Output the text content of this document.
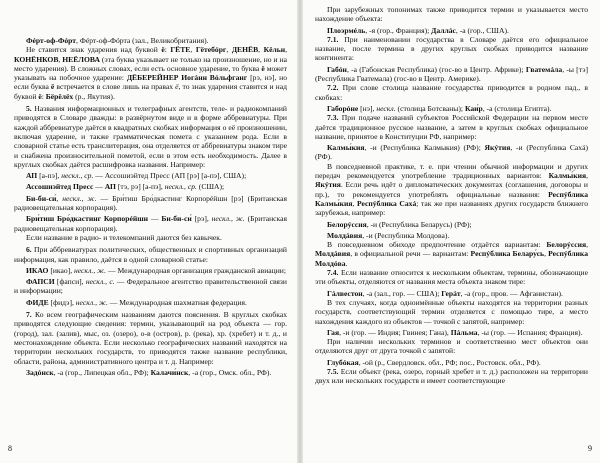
Фéрт-оф-Фóрт, Фéрт-оф-Фóрта (зал., Великобритания).

Не ставится знак ударения над буквой ё: ГЁТЕ, Гётебóрг, ДЕНЁВ, Кёльн, КОНЁНКОВ, НЕЁЛОВА (эта буква указывает не только на произношение, но и на место ударения). В сложных словах, если есть основное ударение, то буква ё может указывать на побочное ударение: ДЁБЕРЕЙНЕР Иогáнн Вóльфганг [рэ, нэ], но если буква ё встречается в слове лишь на правах ё, то знак ударения ставится и над буквой ё: Бёрёлёх (р., Якутия).

5. Названия информационных и телеграфных агентств, теле- и радиокомпаний приводятся в Словаре дважды: в развёрнутом виде и в форме аббревиатуры. При каждой аббревиатуре даётся в квадратных скобках информация о её произношении, включая ударение, и также грамматическая помета с указанием рода. Если в словарной статье есть транслитерация, она отделяется от аббревиатуры знаком тире и снабжена произносительной пометой, если в этом есть необходимость. Далее в круглых скобках даётся расшифровка названия. Например:

АП [а-пэ], нескл., ср. — Ассошиэйтед Пресс (АП [рэ] [а-пэ], США);

Ассошиэйтед Пресс — АП [тэ, рэ] [а-пэ], нескл., ср. (США);

Би-би-си́, нескл., ж. — Бри́тиш Бро́дкастинг Корпорéйшн [рэ] (Британская радиовещательная корпорация).

Бри́тиш Бро́дкастинг Корпорéйшн — Би-би-си́ [рэ], нескл., ж. (Британская радиовещательная корпорация).

Если название в радио- и телекомпаний даются без кавычек.

6. При аббревиатурах политических, общественных и спортивных организаций информация, как правило, даётся в одной словарной статье:

ИКАО [икао], нескл., ж. — Международная организация гражданской авиации;

ФАПСИ [фапси], нескл., с. — Федеральное агентство правительственной связи и информации;

ФИДЕ [фидэ], нескл., ж. — Международная шахматная федерация.

7. Ко всем географическим названиям даются пояснения. В круглых скобках приводятся следующие сведения: термин, указывающий на род объекта — гор. (город), зал. (залив), мыс, оз. (озеро), о-в (остров), р. (река), хр. (хребет) и т. д., и местонахождение объекта. Если несколько географических названий находятся на территории нескольких государств, то приводятся также название республики, области, района, административного центра и т. д. Например:

Задóнск, -а (гор., Липецкая обл., РФ); Калачи́нск, -а (гор., Омск. обл., РФ).

8

При зарубежных топонимах также приводится термин и указывается место нахождение объекта:

Плоэрмéль, -я (гор., Франция); Даллáс, -а (гор., США).

7.1. При наименовании государства в Словаре даётся его официальное название, после термина в других круглых скобках приводится название континента:

Габóн, -а (Габонская Республика) (гос-во в Центр. Африке); Гватемáла, -ы [тэ] (Республика Гватемала) (гос-во в Центр. Америке).

7.2. При слове столица название государства приводится в родном пад., в скобках:

Габорóне [нэ], нескл. (столица Ботсваны); Каи́р, -а (столица Египта).

7.3. При подаче названий субъектов Российской Федерации на первом месте даётся традиционное русское название, а затем в круглых скобках официальное название, принятое в Конституции РФ, например:

Калмы́кия, -и (Республика Калмыкия) (РФ); Якýтия, -и (Республика Сахá) (РФ).

В повседневной практике, т. е. при чтении обычной информации и других передач рекомендуется употребление традиционных вариантов: Калмы́кия, Якýтия. Если речь идёт о дипломатических документах (соглашения, договоры и пр.), то рекомендуется употреблять официальные названия: Респýблика Калмы́кия, Респýблика Сахá; так же при названиях других государств ближнего зарубежья, например:

Белорýссия, -и (Республика Беларусь) (РФ);

Молдáвия, -и (Республика Молдова).

В повседневном обиходе предпочтение отдаётся вариантам: Белорýссия, Молдáвия, в официальной речи — вариантам: Респýблика Белару́сь, Респýблика Молдóва.

7.4. Если название относится к нескольким объектам, термины, обозначающие эти объекты, отделяются от названия места объекта знаком тире:

Гáлвестон, -а (зал., гор. — США); Герáт, -а (гор., пров. — Афганистан).

В тех случаях, когда одноимённые объекты находятся на территории разных государств, соответствующий термин отделяется с помощью тире, а место нахождения каждого из объектов — точкой с запятой, например:

Гая, -и (гор. — Индия; Гвинея; Гана), Пáльма, -ы (гор. — Испания; Франция).

При наличии нескольких терминов и соответственно мест объектов они отделяются друг от друга точкой с запятой:

Глубóкая, -ой (р., Свердловск. обл., РФ; пос., Ростовск. обл., РФ).

7.5. Если объект (река, озеро, горный хребет и т. д.) расположен на территории двух или нескольких государств и имеет соответствующие

9
